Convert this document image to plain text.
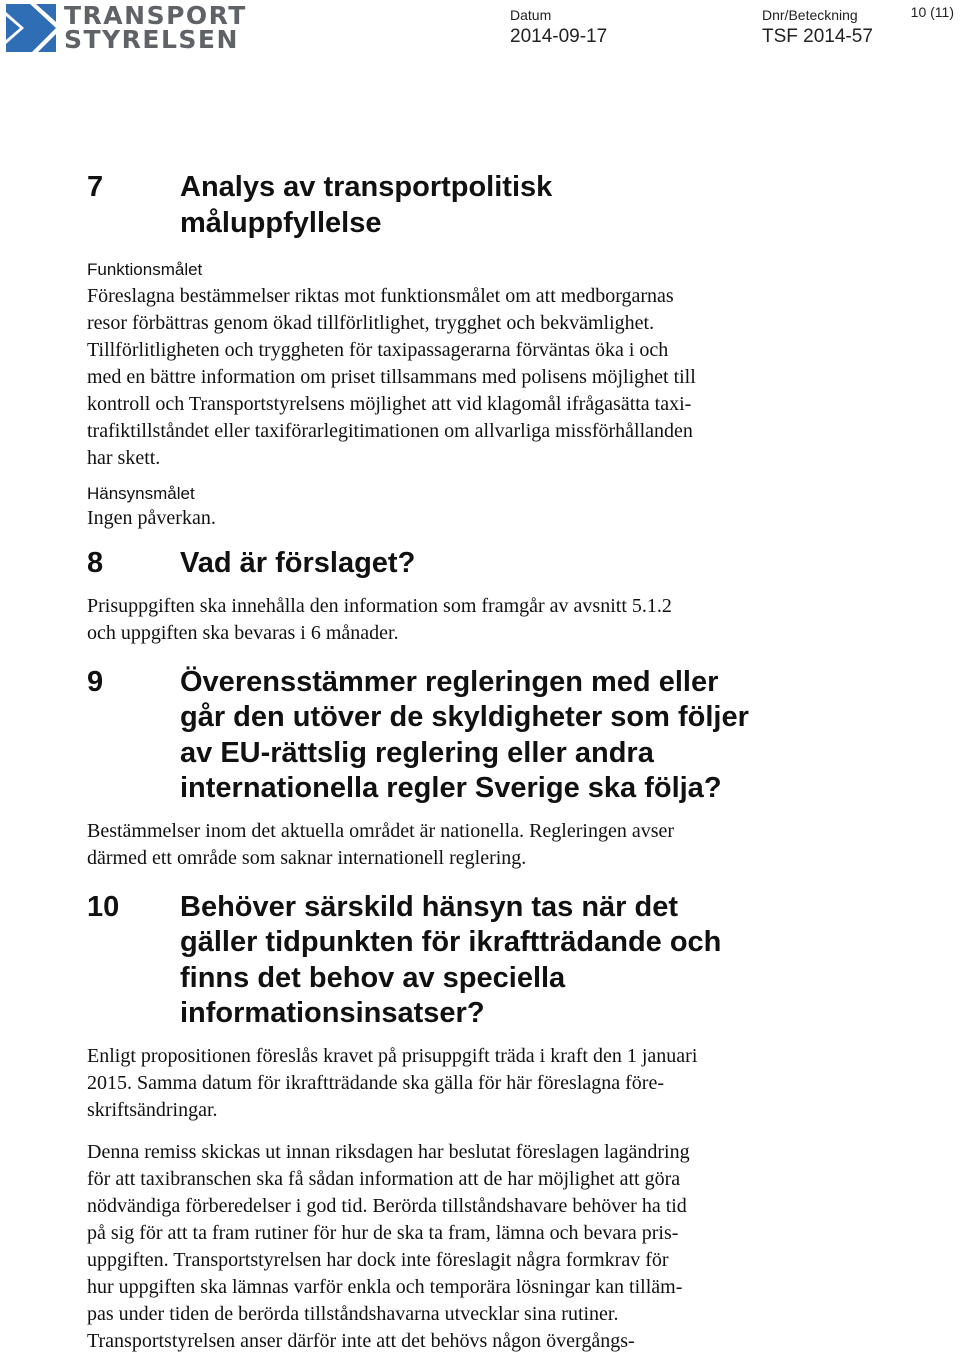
TRANSPORT
STYRELSEN
Datum
2014-09-17
Dnr/Beteckning
TSF 2014-57
10 (11)
7	Analys av transportpolitisk
måluppfyllelse
Funktionsmålet
Föreslagna bestämmelser riktas mot funktionsmålet om att medborgarnas
resor förbättras genom ökad tillförlitlighet, trygghet och bekvämlighet.
Tillförlitligheten och tryggheten för taxipassagerarna förväntas öka i och
med en bättre information om priset tillsammans med polisens möjlighet till
kontroll och Transportstyrelsens möjlighet att vid klagomål ifrågasätta taxi-
trafiktillståndet eller taxiförarlegitimationen om allvarliga missförhållanden
har skett.
Hänsynsmålet
Ingen påverkan.
8	Vad är förslaget?
Prisuppgiften ska innehålla den information som framgår av avsnitt 5.1.2
och uppgiften ska bevaras i 6 månader.
9	Överensstämmer regleringen med eller
går den utöver de skyldigheter som följer
av EU-rättslig reglering eller andra
internationella regler Sverige ska följa?
Bestämmelser inom det aktuella området är nationella. Regleringen avser
därmed ett område som saknar internationell reglering.
10 Behöver särskild hänsyn tas när det
gäller tidpunkten för ikraftträdande och
finns det behov av speciella
informationsinsatser?
Enligt propositionen föreslås kravet på prisuppgift träda i kraft den 1 januari
2015. Samma datum för ikraftträdande ska gälla för här föreslagna före-
skriftsändringar.
Denna remiss skickas ut innan riksdagen har beslutat föreslagen lagändring
för att taxibranschen ska få sådan information att de har möjlighet att göra
nödvändiga förberedelser i god tid. Berörda tillståndshavare behöver ha tid
på sig för att ta fram rutiner för hur de ska ta fram, lämna och bevara pris-
uppgiften. Transportstyrelsen har dock inte föreslagit några formkrav för
hur uppgiften ska lämnas varför enkla och temporära lösningar kan tilläm-
pas under tiden de berörda tillståndshavarna utvecklar sina rutiner.
Transportstyrelsen anser därför inte att det behövs någon övergångs-
